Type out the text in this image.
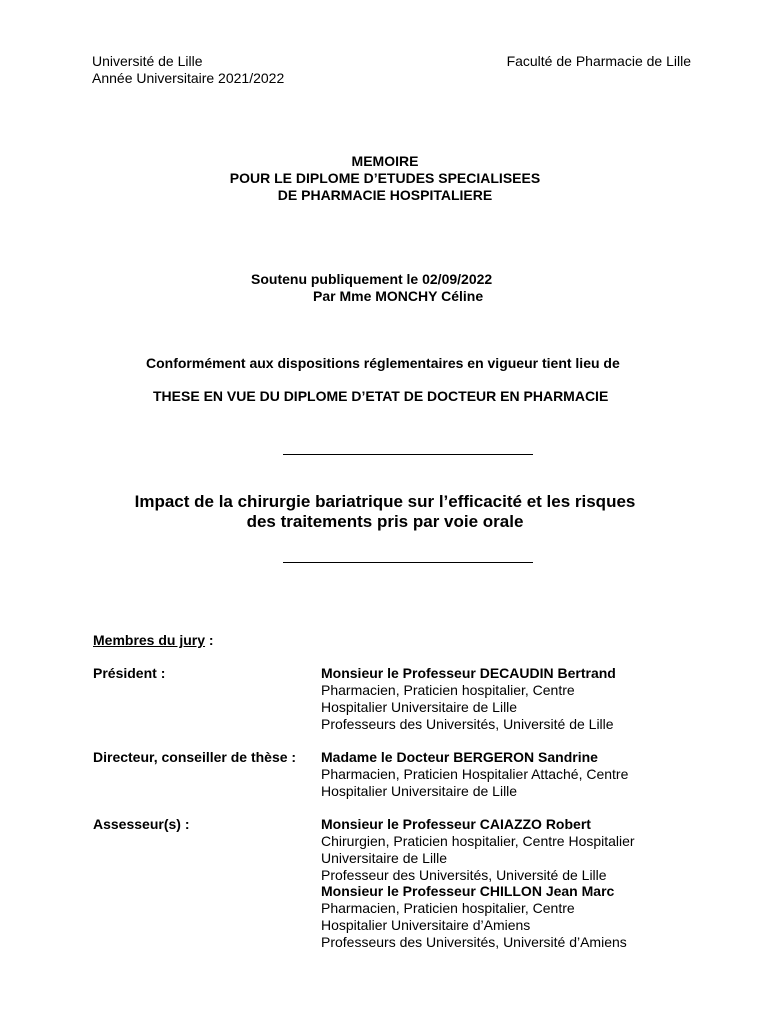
Université de Lille
Année Universitaire 2021/2022
Faculté de Pharmacie de Lille
MEMOIRE
POUR LE DIPLOME D’ETUDES SPECIALISEES
DE PHARMACIE HOSPITALIERE
Soutenu publiquement le 02/09/2022
Par Mme MONCHY Céline
Conformément aux dispositions réglementaires en vigueur tient lieu de
THESE EN VUE DU DIPLOME D’ETAT DE DOCTEUR EN PHARMACIE
Impact de la chirurgie bariatrique sur l’efficacité et les risques
des traitements pris par voie orale
Membres du jury :
Président :	Monsieur le Professeur DECAUDIN Bertrand
Pharmacien, Praticien hospitalier, Centre
Hospitalier Universitaire de Lille
Professeurs des Universités, Université de Lille
Directeur, conseiller de thèse : Madame le Docteur BERGERON Sandrine
Pharmacien, Praticien Hospitalier Attaché, Centre
Hospitalier Universitaire de Lille
Assesseur(s) :	Monsieur le Professeur CAIAZZO Robert
Chirurgien, Praticien hospitalier, Centre Hospitalier
Universitaire de Lille
Professeur des Universités, Université de Lille
Monsieur le Professeur CHILLON Jean Marc
Pharmacien, Praticien hospitalier, Centre
Hospitalier Universitaire d’Amiens
Professeurs des Universités, Université d’Amiens
